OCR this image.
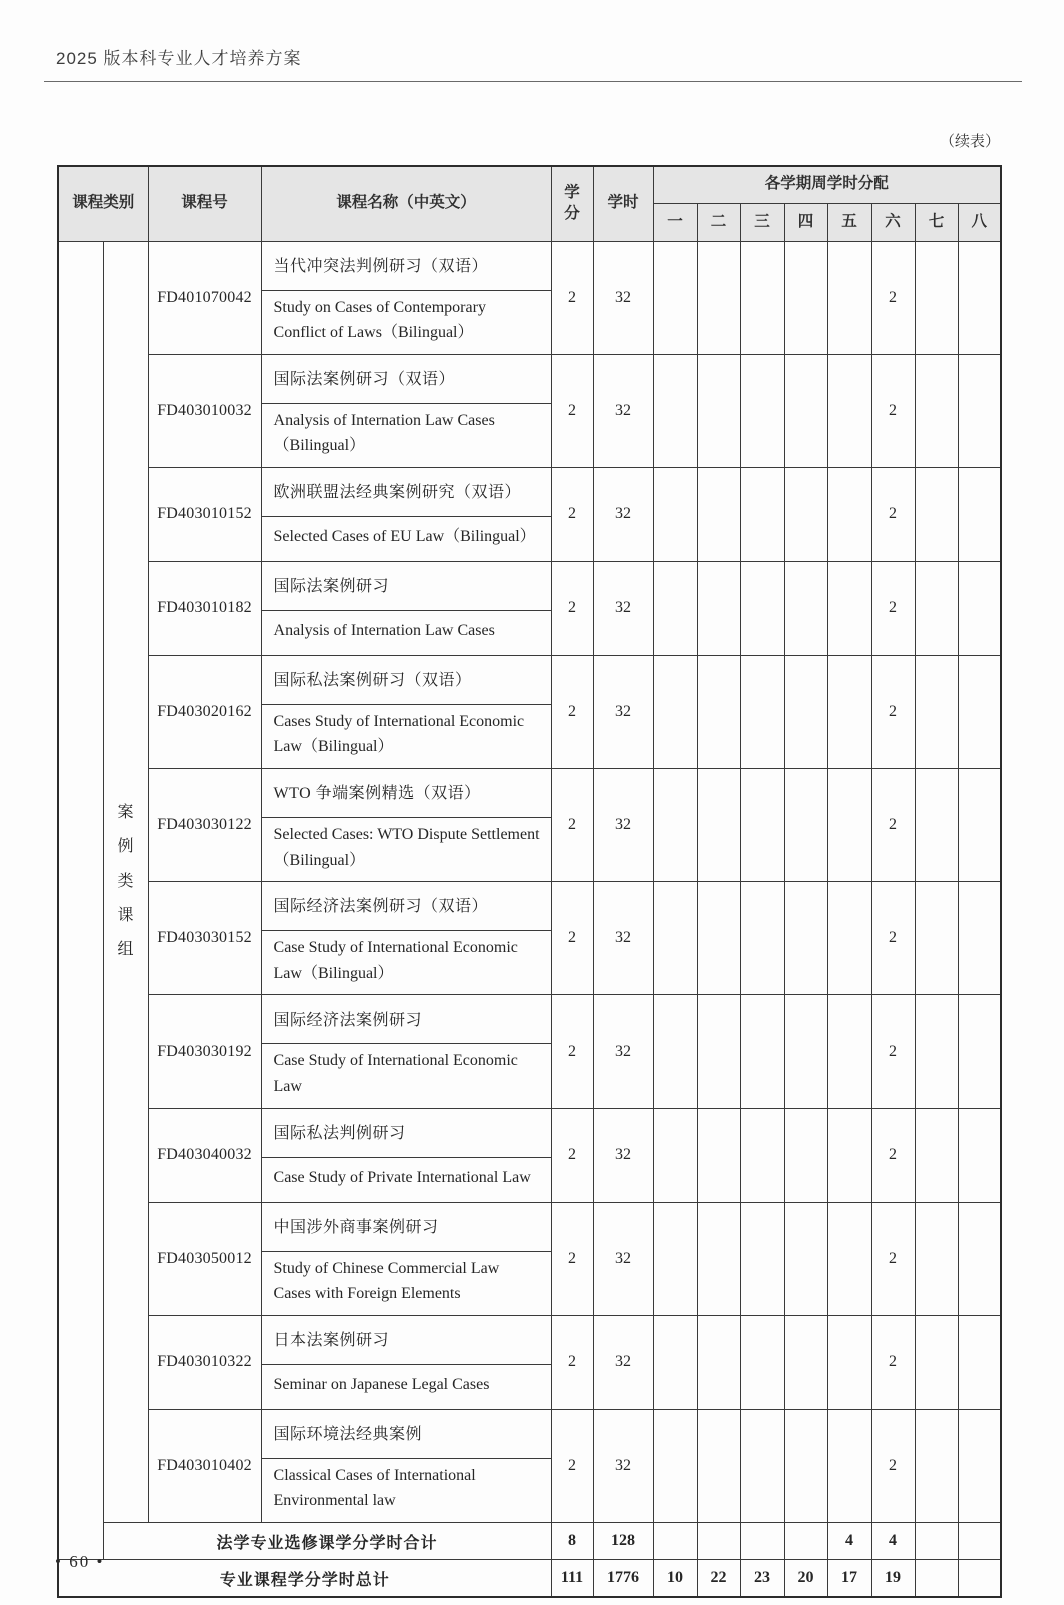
2025 版本科专业人才培养方案
（续表）
课程类别		课程号	课程名称（中英文）	学分	学时	各学期周学时分配							
						一	二	三	四	五	六	七	八

	案例类课组	FD401070042	当代冲突法判例研习（双语）	2	32						2		
			Study on Cases of Contemporary Conflict of Laws（Bilingual）										
		FD403010032	国际法案例研习（双语）	2	32						2		
			Analysis of Internation Law Cases（Bilingual）										
		FD403010152	欧洲联盟法经典案例研究（双语）	2	32						2		
			Selected Cases of EU Law（Bilingual）										
		FD403010182	国际法案例研习	2	32						2		
			Analysis of Internation Law Cases										
		FD403020162	国际私法案例研习（双语）	2	32						2		
			Cases Study of International Economic Law（Bilingual）										
		FD403030122	WTO 争端案例精选（双语）	2	32						2		
			Selected Cases: WTO Dispute Settlement（Bilingual）										
		FD403030152	国际经济法案例研习（双语）	2	32						2		
			Case Study of International Economic Law（Bilingual）										
		FD403030192	国际经济法案例研习	2	32						2		
			Case Study of International Economic Law										
		FD403040032	国际私法判例研习	2	32						2		
			Case Study of Private International Law										
		FD403050012	中国涉外商事案例研习	2	32						2		
			Study of Chinese Commercial Law Cases with Foreign Elements										
		FD403010322	日本法案例研习	2	32						2		
			Seminar on Japanese Legal Cases										
		FD403010402	国际环境法经典案例	2	32						2		
			Classical Cases of International Environmental law										
	法学专业选修课学分学时合计			8	128					4	4		
专业课程学分学时总计				111	1776	10	22	23	20	17	19		
• 60 •
